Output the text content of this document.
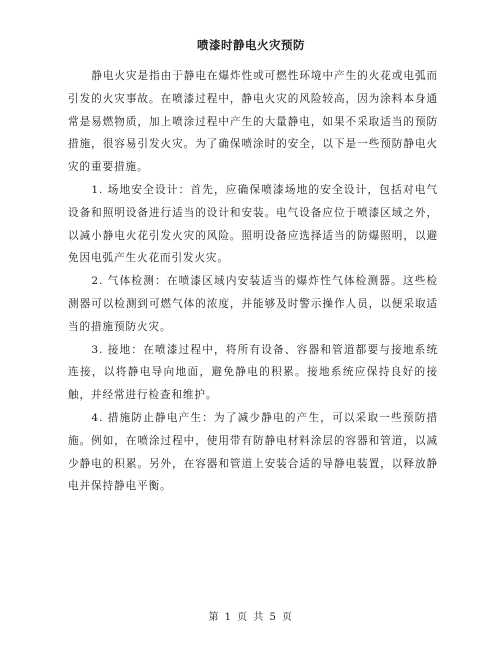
喷漆时静电火灾预防

静电火灾是指由于静电在爆炸性或可燃性环境中产生的火花或电弧而引发的火灾事故。在喷漆过程中，静电火灾的风险较高，因为涂料本身通常是易燃物质，加上喷涂过程中产生的大量静电，如果不采取适当的预防措施，很容易引发火灾。为了确保喷涂时的安全，以下是一些预防静电火灾的重要措施。

1. 场地安全设计：首先，应确保喷漆场地的安全设计，包括对电气设备和照明设备进行适当的设计和安装。电气设备应位于喷漆区域之外，以减小静电火花引发火灾的风险。照明设备应选择适当的防爆照明，以避免因电弧产生火花而引发火灾。

2. 气体检测：在喷漆区域内安装适当的爆炸性气体检测器。这些检测器可以检测到可燃气体的浓度，并能够及时警示操作人员，以便采取适当的措施预防火灾。

3. 接地：在喷漆过程中，将所有设备、容器和管道都要与接地系统连接，以将静电导向地面，避免静电的积累。接地系统应保持良好的接触，并经常进行检查和维护。

4. 措施防止静电产生：为了减少静电的产生，可以采取一些预防措施。例如，在喷涂过程中，使用带有防静电材料涂层的容器和管道，以减少静电的积累。另外，在容器和管道上安装合适的导静电装置，以释放静电并保持静电平衡。

第 1 页 共 5 页
